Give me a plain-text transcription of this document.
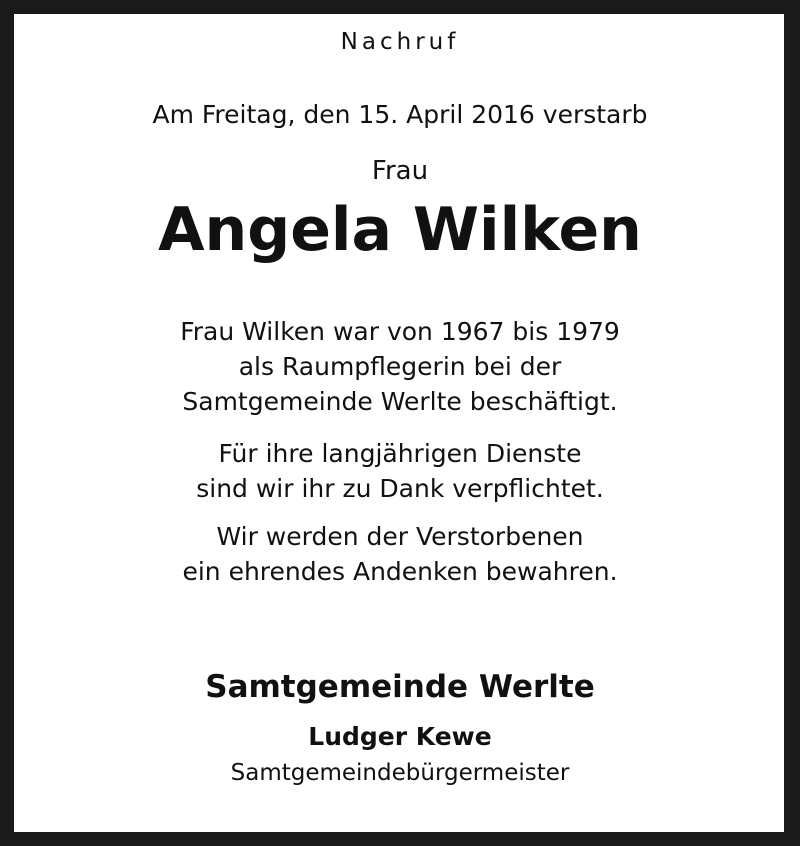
Nachruf
Am Freitag, den 15. April 2016 verstarb
Frau
Angela Wilken
Frau Wilken war von 1967 bis 1979
als Raumpflegerin bei der
Samtgemeinde Werlte beschäftigt.
Für ihre langjährigen Dienste
sind wir ihr zu Dank verpflichtet.
Wir werden der Verstorbenen
ein ehrendes Andenken bewahren.
Samtgemeinde Werlte
Ludger Kewe
Samtgemeindebürgermeister
